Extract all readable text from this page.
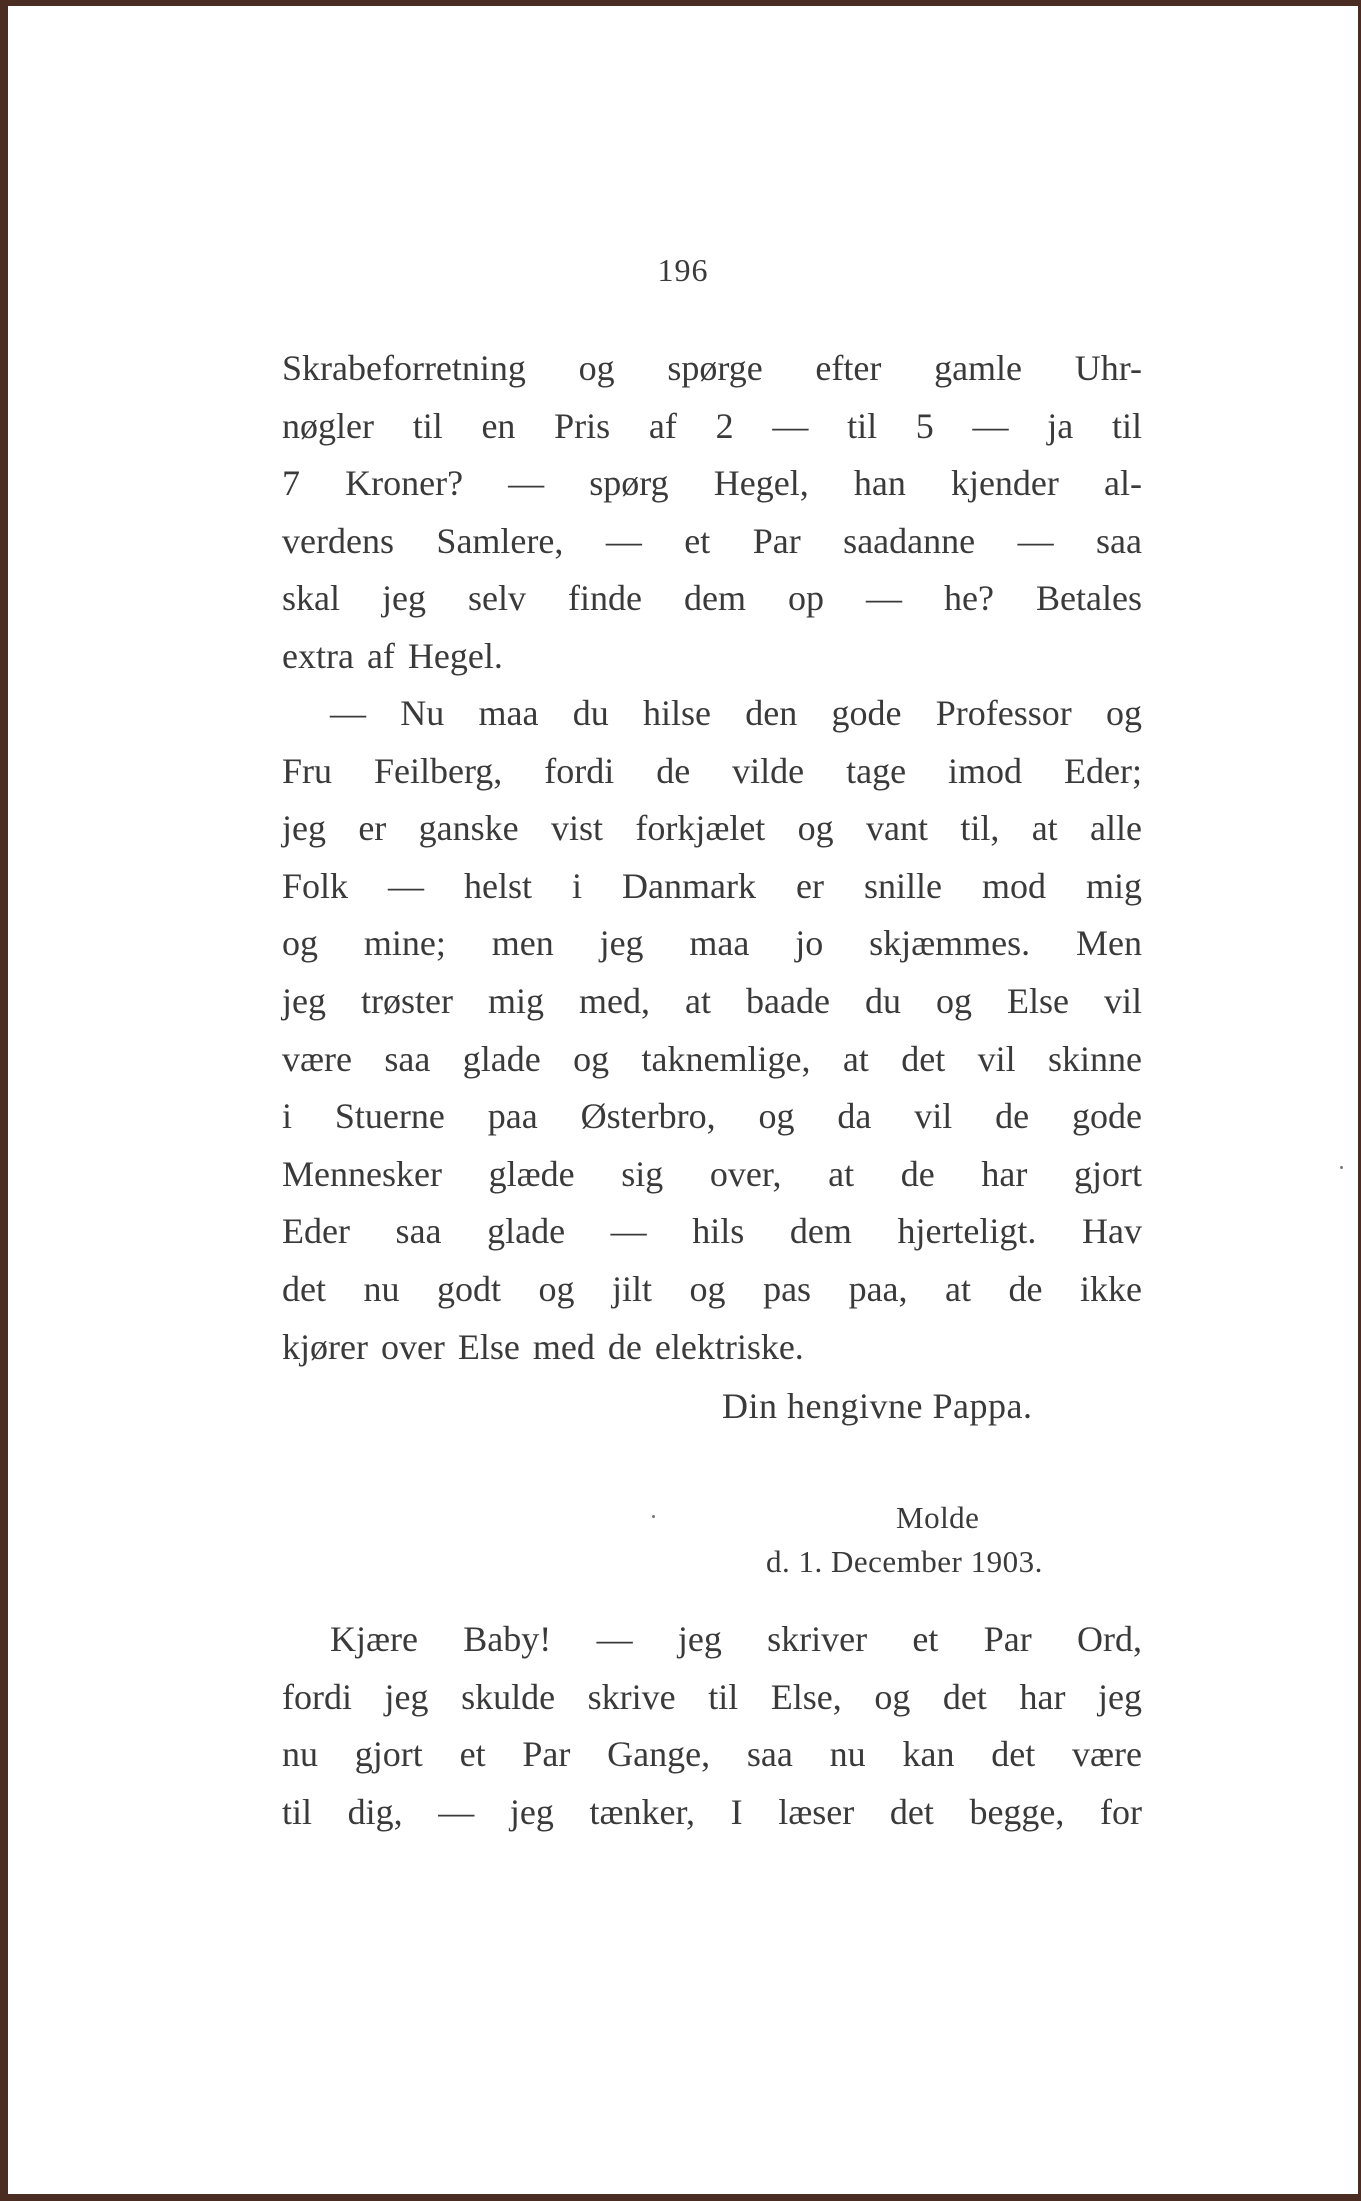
196
Skrabeforretning og spørge efter gamle Uhr-
nøgler til en Pris af 2 — til 5 — ja til
7 Kroner? — spørg Hegel, han kjender al-
verdens Samlere, — et Par saadanne — saa
skal jeg selv finde dem op — he? Betales
extra af Hegel.
— Nu maa du hilse den gode Professor og
Fru Feilberg, fordi de vilde tage imod Eder;
jeg er ganske vist forkjælet og vant til, at alle
Folk — helst i Danmark er snille mod mig
og mine; men jeg maa jo skjæmmes. Men
jeg trøster mig med, at baade du og Else vil
være saa glade og taknemlige, at det vil skinne
i Stuerne paa Østerbro, og da vil de gode
Mennesker glæde sig over, at de har gjort
Eder saa glade — hils dem hjerteligt. Hav
det nu godt og jilt og pas paa, at de ikke
kjører over Else med de elektriske.
Din hengivne Pappa.
Molde
d. 1. December 1903.
Kjære Baby! — jeg skriver et Par Ord,
fordi jeg skulde skrive til Else, og det har jeg
nu gjort et Par Gange, saa nu kan det være
til dig, — jeg tænker, I læser det begge, for
